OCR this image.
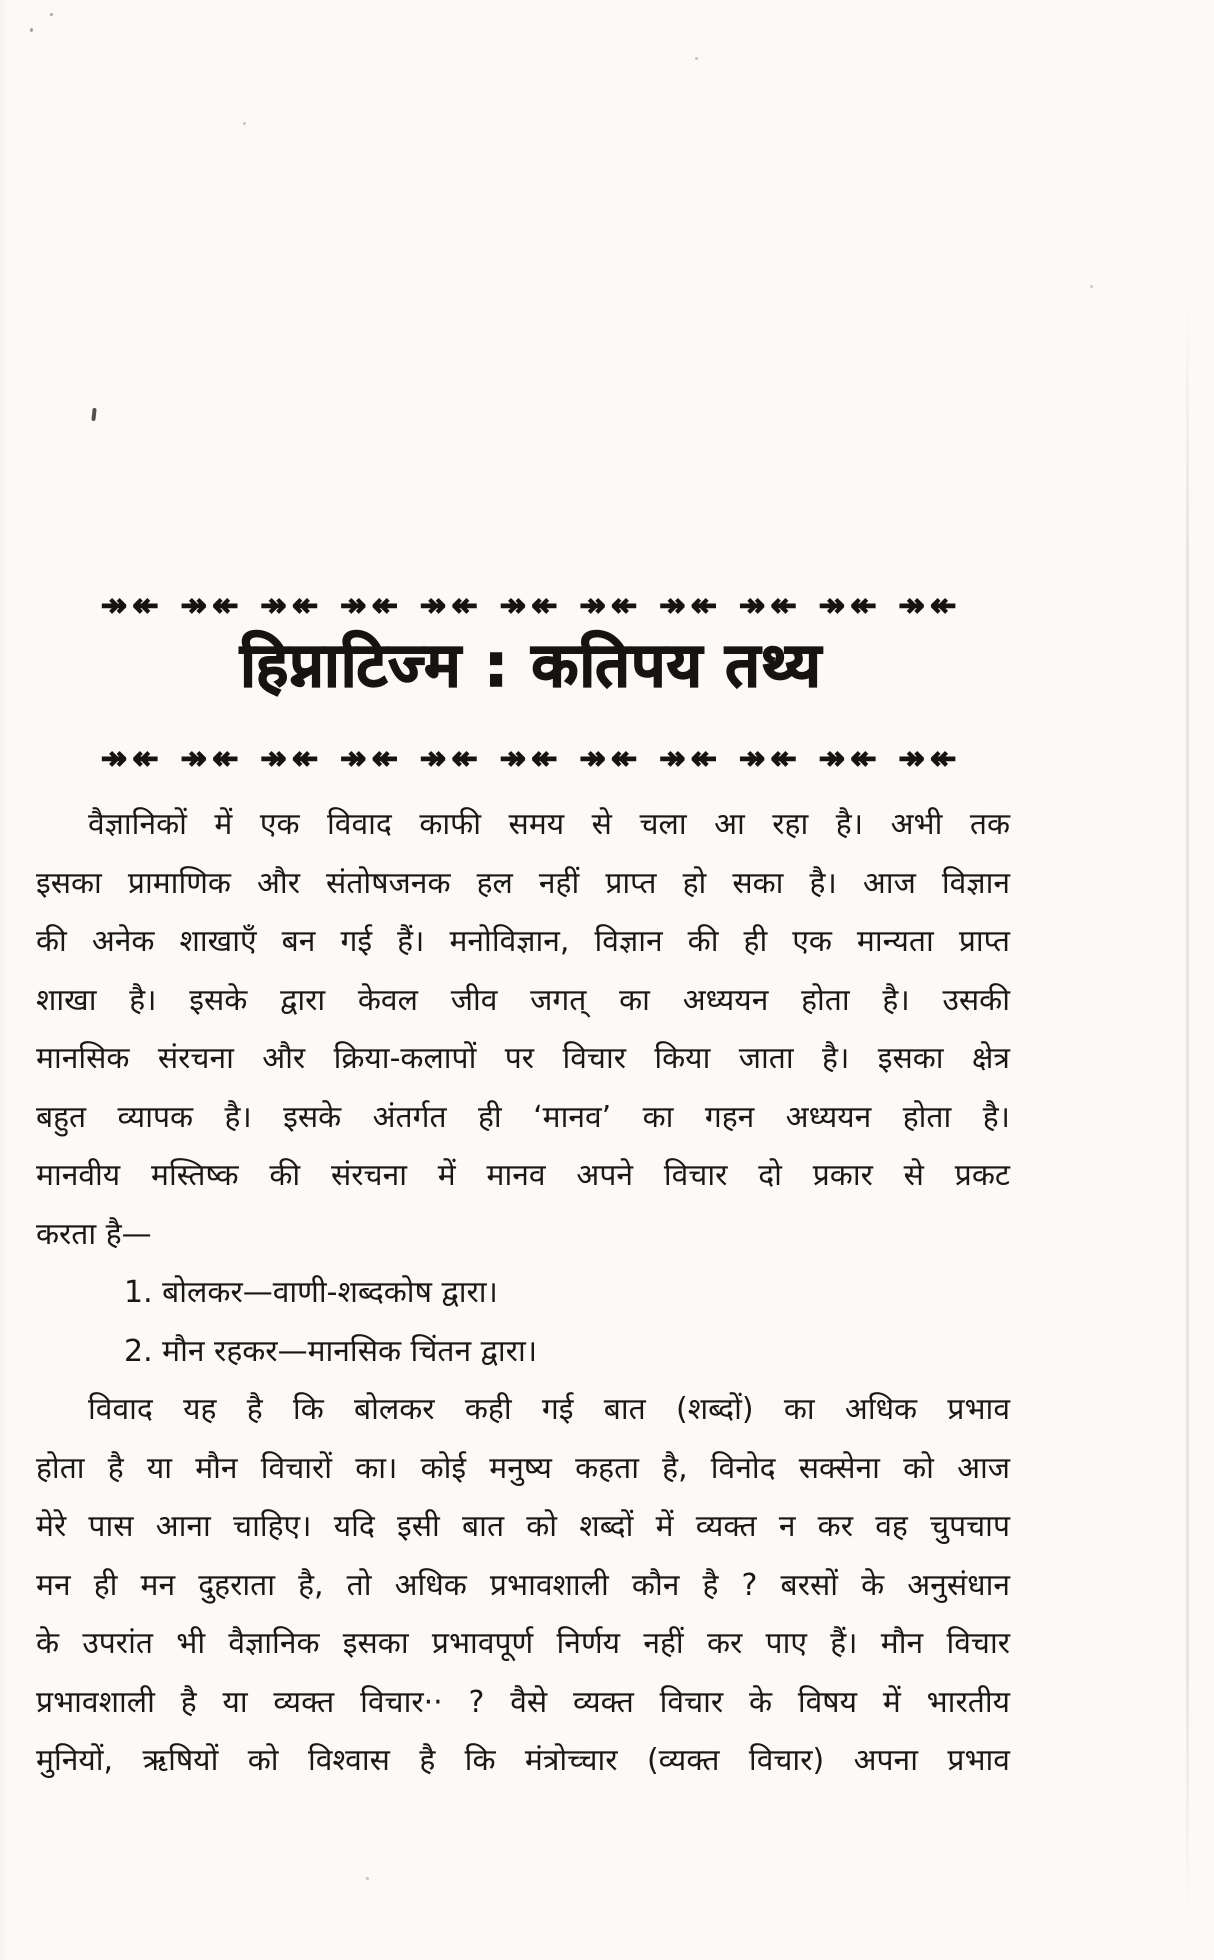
↠↞ ↠↞ ↠↞ ↠↞ ↠↞ ↠↞ ↠↞ ↠↞ ↠↞ ↠↞ ↠↞
हिप्नाटिज्म : कतिपय तथ्य
↠↞ ↠↞ ↠↞ ↠↞ ↠↞ ↠↞ ↠↞ ↠↞ ↠↞ ↠↞ ↠↞
वैज्ञानिकों में एक विवाद काफी समय से चला आ रहा है। अभी तक
इसका प्रामाणिक और संतोषजनक हल नहीं प्राप्त हो सका है। आज विज्ञान
की अनेक शाखाएँ बन गई हैं। मनोविज्ञान, विज्ञान की ही एक मान्यता प्राप्त
शाखा है। इसके द्वारा केवल जीव जगत् का अध्ययन होता है। उसकी
मानसिक संरचना और क्रिया-कलापों पर विचार किया जाता है। इसका क्षेत्र
बहुत व्यापक है। इसके अंतर्गत ही ‘मानव’ का गहन अध्ययन होता है।
मानवीय मस्तिष्क की संरचना में मानव अपने विचार दो प्रकार से प्रकट
करता है—
1. बोलकर—वाणी-शब्दकोष द्वारा।
2. मौन रहकर—मानसिक चिंतन द्वारा।
विवाद यह है कि बोलकर कही गई बात (शब्दों) का अधिक प्रभाव
होता है या मौन विचारों का। कोई मनुष्य कहता है, विनोद सक्सेना को आज
मेरे पास आना चाहिए। यदि इसी बात को शब्दों में व्यक्त न कर वह चुपचाप
मन ही मन दुहराता है, तो अधिक प्रभावशाली कौन है ? बरसों के अनुसंधान
के उपरांत भी वैज्ञानिक इसका प्रभावपूर्ण निर्णय नहीं कर पाए हैं। मौन विचार
प्रभावशाली है या व्यक्त विचार·· ? वैसे व्यक्त विचार के विषय में भारतीय
मुनियों, ऋषियों को विश्वास है कि मंत्रोच्चार (व्यक्त विचार) अपना प्रभाव
